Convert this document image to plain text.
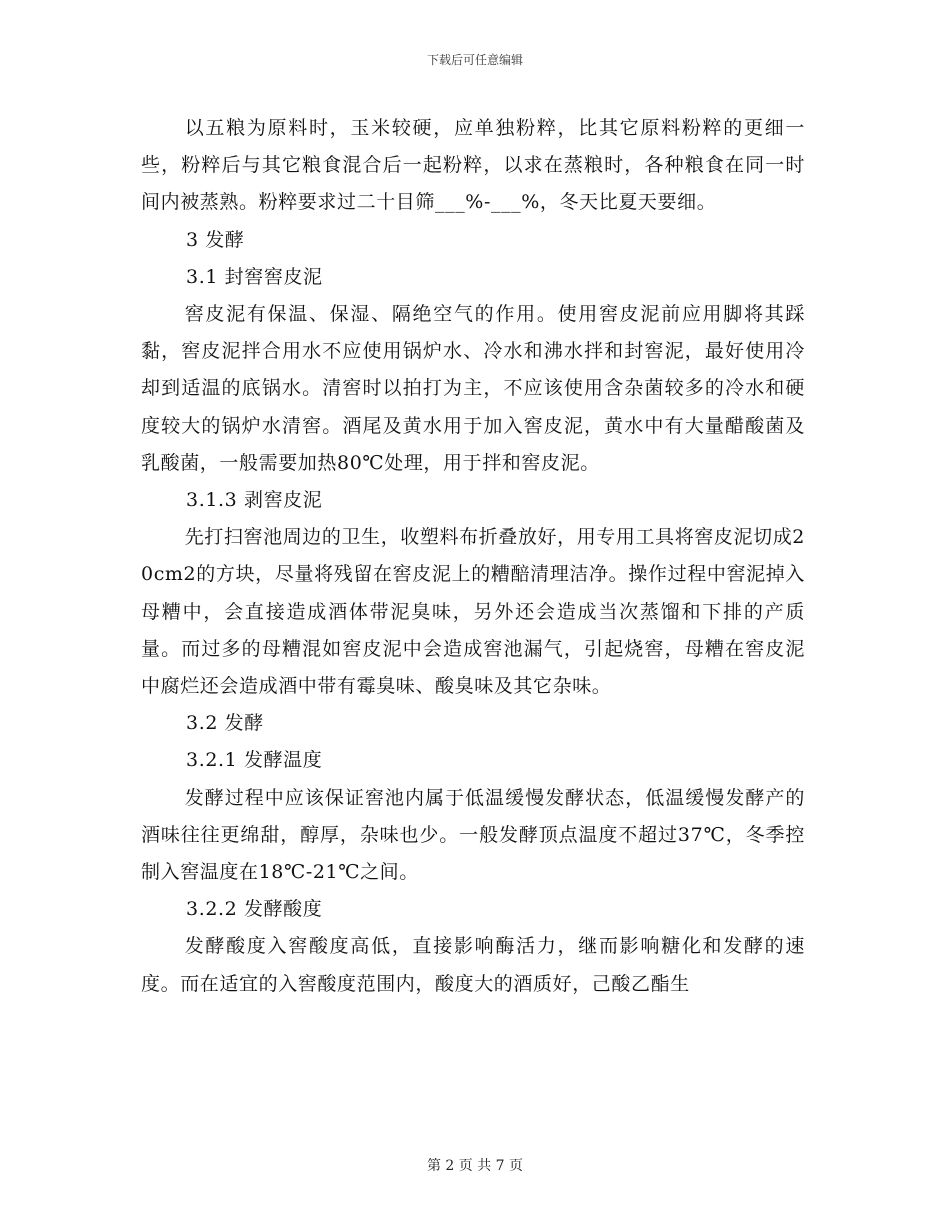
下载后可任意编辑

以五粮为原料时，玉米较硬，应单独粉粹，比其它原料粉粹的更细一些，粉粹后与其它粮食混合后一起粉粹，以求在蒸粮时，各种粮食在同一时间内被蒸熟。粉粹要求过二十目筛___%-___%，冬天比夏天要细。

3 发酵

3.1 封窖窖皮泥

窖皮泥有保温、保湿、隔绝空气的作用。使用窖皮泥前应用脚将其踩黏，窖皮泥拌合用水不应使用锅炉水、冷水和沸水拌和封窖泥，最好使用冷却到适温的底锅水。清窖时以拍打为主，不应该使用含杂菌较多的冷水和硬度较大的锅炉水清窖。酒尾及黄水用于加入窖皮泥，黄水中有大量醋酸菌及乳酸菌，一般需要加热80℃处理，用于拌和窖皮泥。

3.1.3 剥窖皮泥

先打扫窖池周边的卫生，收塑料布折叠放好，用专用工具将窖皮泥切成20cm2的方块，尽量将残留在窖皮泥上的糟醅清理洁净。操作过程中窖泥掉入母糟中，会直接造成酒体带泥臭味，另外还会造成当次蒸馏和下排的产质量。而过多的母糟混如窖皮泥中会造成窖池漏气，引起烧窖，母糟在窖皮泥中腐烂还会造成酒中带有霉臭味、酸臭味及其它杂味。

3.2 发酵

3.2.1 发酵温度

发酵过程中应该保证窖池内属于低温缓慢发酵状态，低温缓慢发酵产的酒味往往更绵甜，醇厚，杂味也少。一般发酵顶点温度不超过37℃，冬季控制入窖温度在18℃-21℃之间。

3.2.2 发酵酸度

发酵酸度入窖酸度高低，直接影响酶活力，继而影响糖化和发酵的速度。而在适宜的入窖酸度范围内，酸度大的酒质好，己酸乙酯生

第 2 页 共 7 页
